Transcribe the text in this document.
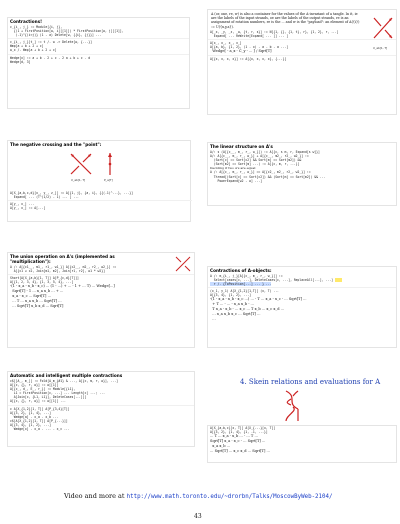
Contractions!
c_{i_, j_} := Module[{i, j},
{(1 + FirstPosition[w, i][[1]]) * FirstPosition[w, j][[1]],
(-1)^{(i<j)} (1 - a) Delete[w, {{i}, {j}}] ...
c_{i_, j_}[t_] := t /. w -> Delete[w, {...}]
Wmp[a + b + 2 + c]
w_x /. Wmp[a + b + 2 + c]
Wedge[x] := a + b - 2 + c - 2 a + b + c - d
Wedge[d, 3]
A (or, one, re, w) is also a container for the values of the A-invariant of a tangle. In it, ie are the labels of the input strands, oe are the labels of the output strands, re is an assignment of rotation numbers, re is the ... and w is the "payload": an element of A({i}) := U({x,y,a}).
X_ab[1, T]
A[_x, _y, _z, _w, {t, r, s}] := N[{1, {}, {1, t}, r}, {1, 2}, r, ...]
Expand[ ... ReWrite[Expand[ ... ]] ... ]
A[x_, x_, x_, x_]
A[{a, b}, {1, 2}, (1 - x) - a - b - a ...]
Wedge[ - a_x - C_y - ... ] / Sqrt[T]
A[{x, x, x, x}] := A[{x, x, x, x}, {...}]
The negative crossing and the "point":
X_ab[1, T]	P_a[T]
A[X_{a,b,c,d}[x_, y_, z_]] := A[{1, j}, {a, i}, {{(-1)^...}, ...}]
Expand[ ... (T^(1/2) - 1) ... ] ...
A[y_, x_] ...
A[y_, x_] := A[...]
The linear structure on A's
A/: s (A[{c__, m_, r_, w_}]) := A[{c, s m, r, Expand[s w]}]
A/: A[{c__, m_, r_, w_}] + A[{c__, m2_, r2_, w2_}] :=
(Sort[c] == Sort[c2] && Sort[m] == Sort[m2]) &&
(Sort[m2] == Sort[m] ...) := A[{c, m, r, ...}]
Deciding if two A's are equal:
A /: A[{c_, m_, r_, w_}] == A[{c2_, m2_, r2_, w2_}] :=
Thread[(Sort[c] == Sort[c2]) && (Sort[m] == Sort[m2]) && ...
PowerExpand[w2 - w] ...]
The union operation on A's (implemented as "multiplication"):
A /: A[{c1__, m1_, r1_, w1_}] A[{c2__, m2_, r2_, w2_}] :=
A[{c1 ∪ c2, Join[m1, m2], Join[r1, r2], w1 * w2}]
Short[A[X_{a,b}[1, T]] A[P_{c,d}[T]]]
A[{1, 2, 3, 4}, {1, 3, 5, 4}, ...]
-(1 - x_a - x_b - x_c) ... (1 - ...) + ... - 1 + ... T) ... Wedge[...]
Sqrt[T] - 1 ... x_a x_b ... + ...
x_a - x_c ... Sqrt[T] ...
... T ... x_a x_b ... Sqrt[T] ...
... Sqrt[T] x_b x_d ... Sqrt[T]
Contractions of A-objects:
A /: m_{i_, j_}[A[{c_, m_, r_, w_}]] :=
Select[cases[c, ...], DeleteCases[c, ...], ReplaceAll[...], ...]
r /. {ToPosition[...] ... } ...
(x_1, y_1) A[X_{1,2}[1,T]] (x, T) ...
A[{3, 4}, {1, 2}, ...]
-(1 - x_a - x_b - x_c ...) ... - T ... x_a - x_c - ... Sqrt[T] ...
+ T ... - ... - x_a x_b - ...
T x_a - x_b - ... x_c ... T x_b ... x_c x_d ...
... x_a x_b x_c ... Sqrt[T] ...
...
Automatic and intelligent multiple contractions
c$[[A_, m_]] := Fold[A_m_{#1} & ..., A[{c, m, r, w}], ...]
A[{c, {}, r, w}] := w[[1]]
A[{c_, d_, E_, r_}] := Module[{L1},
L1 = FirstPosition[c, ...] ... Length[c] ...; ...
A[Join[c, {L1, L1}], DeleteCases[...]]]
A[{c, {}, r, w}] := w[[1]] ...
c A[X_{1,2}[1, T]] A[P_{3,4}[T]]
A[{3, 2}, {1, 4}, ...]
Wedge[a] - x_a - x_b ...
c$[A[X_{1,2}[1, T]] A[P_{...}]]
A[{3, 4}, {1, 2}, ...]
Wedge[x] - x_a - ... - x_c ...
4. Skein relations and evaluations for A
A[X_{a,b,c}[x, T]] A[X_{...}[x, T]]
A[{3, 2}, {1, 4}, {1, -1, ...}]
... T ... x_a - x_b ... - ... T ...
Sqrt[T] x_a - x_c - ... Sqrt[T] ...
x_a x_b ...
... Sqrt[T] ... x_c x_d ... Sqrt[T] ...
Video and more at http://www.math.toronto.edu/~drorbn/Talks/MoscowByWeb-2104/
43
